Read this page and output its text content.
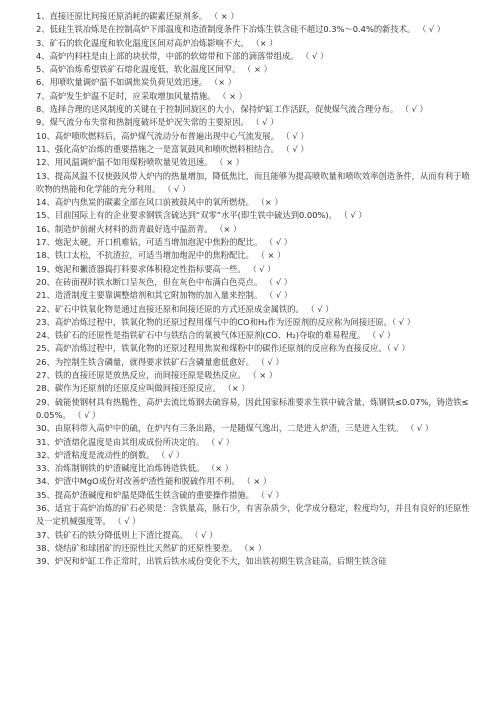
1、直接还原比间接还原消耗的碳素还原剂多。 （ × ）

2、低硅生铁冶炼是在控制高炉下部温度和造渣制度条件下冶炼生铁含硅不超过0.3%～0.4%的新技术。 （ √ ）

3、矿石的软化温度和软化温度区间对高炉冶炼影响不大。 （× ）

4、高炉内料柱是由上部的块状带，中部的软熔带和下部的滴落带组成。 （ √ ）

5、高炉冶炼希望铁矿石熔化温度低，软化温度区间窄。 （ × ）

6、用喷吹量调炉温不如调焦炭负荷见效迅速。 （× ）

7、高炉发生炉温不足时，应采取增加风量措施。 （ × ）

8、选择合理的送风制度的关键在于控制回旋区的大小，保持炉缸工作活跃，促使煤气流合理分布。 （ √ ）

9、煤气流分布失常和热制度破坏是炉况失常的主要原因。 （ √ ）

10、高炉喷吹燃料后，高炉煤气流动分布普遍出现中心气流发展。 （ √ ）

11、强化高炉冶炼的重要措施之一是富氧鼓风和喷吹燃料相结合。 （ √ ）

12、用风温调炉温不如用煤粉喷吹量见效迅速。 （ × ）

13、提高风温不仅使鼓风带入炉内的热量增加，降低焦比，而且能够为提高喷吹量和喷吹效率创造条件，从而有利于喷吹物的热能和化学能的充分利用。 （ √ ）

14、高炉内焦炭的碳素全部在风口前被鼓风中的氧所燃烧。 （× ）

15、目前国际上有的企业要求钢铁含硫达到“双零”水平(即生铁中硫达到0.00%)。 （ √ ）

16、制造炉前耐火材料的沥青最好选中温沥青。 （× ）

17、炮泥太硬，开口机难钻，可适当增加泡泥中焦粉的配比。 （ √ ）

18、铁口太松，不抗渣拉，可适当增加炮泥中的焦粉配比。 （ × ）

19、炮泥和撇渣器捣打料要求体积稳定性指标要高一些。 （ √ ）

20、在砖面视时铁水断口呈灰色，但在灰色中布满白色亮点。 （ √ ）

21、造渣制度主要靠调整熔剂和其它附加物的加入量来控制。 （ √ ）

22、矿石中铁氧化物是通过直接还原和间接还原的方式还原成金属铁的。 （ √ ）

23、高炉冶炼过程中，铁氧化物的还原过程用煤气中的CO和H₂作为还原剂的反应称为间接还原。（ √ ）

24、铁矿石的还原性是指铁矿石中与铁结合的氧被气体还原剂(CO、H₂)夺取的难易程度。 （ √ ）

25、高炉冶炼过程中，铁氧化物的还原过程用焦炭和煤粉中的碳作还原剂的反应称为直接反应。（ √ ）

26、为控制生铁含磷量，就得要求铁矿石含磷量愈低愈好。 （ √ ）

27、铁的直接还原是放热反应，而间接还原是吸热反应。 （ × ）

28、碳作为还原剂的还原反应叫做间接还原反应。 （× ）

29、硫能使钢材具有热脆性，高炉去流比炼钢去硫容易，因此国家标准要求生铁中硫含量，炼钢铁≤0.07%，铸造铁≤0.05%。 （ √ ）

30、由原料带入高炉中的硫，在炉内有三条出路，一是随煤气逸出，二是进入炉渣，三是进入生铁。 （ √ ）

31、炉渣熔化温度是由其组成成份所决定的。 （ √ ）

32、炉渣粘度是流动性的倒数。 （ √ ）

33、冶炼制钢铁的炉渣碱度比冶炼铸造铁低。 （× ）

34、炉渣中MgO成份对改善炉渣性能和脱硫作用不利。 （ × ）

35、提高炉渣碱度和炉温是降低生铁含硫的重要操作措施。 （ √ ）

36、适宜于高炉冶炼的矿石必须是：含铁量高，脉石少，有害杂质少，化学成分稳定，粒度均匀，并且有良好的还原性及一定机械强度等。 （ √ ）

37、铁矿石的铁分降低则上下渣比提高。 （ √ ）

38、烧结矿和球团矿的还原性比天然矿的还原性要差。 （× ）

39、炉况和炉缸工作正常时，出铁后铁水成份变化不大，如出铁初期生铁含硅高，后期生铁含硅
